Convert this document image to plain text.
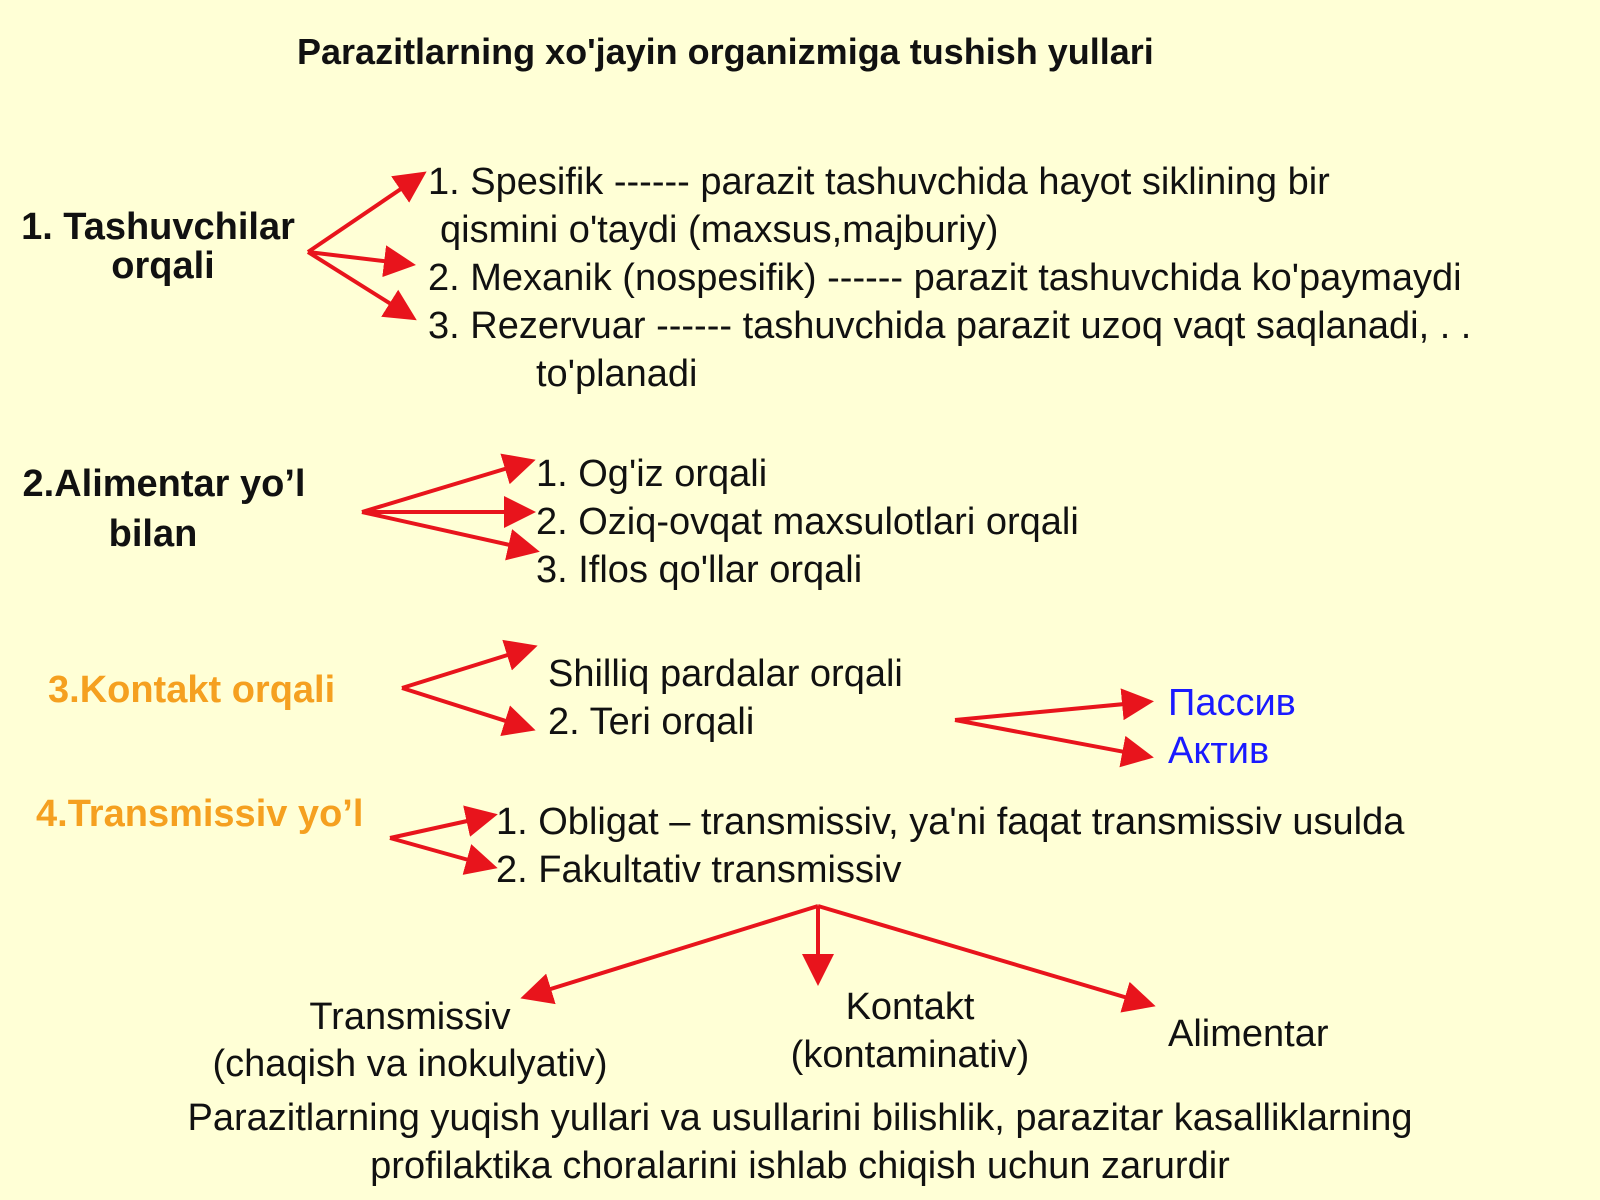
Parazitlarning xo'jayin organizmiga tushish yullari
1. Tashuvchilar
orqali
1. Spesifik ------ parazit tashuvchida hayot siklining bir
qismini o'taydi (maxsus,majburiy)
2. Mexanik (nospesifik) ------ parazit tashuvchida ko'paymaydi
3. Rezervuar ------ tashuvchida parazit uzoq vaqt saqlanadi, . .
to'planadi
2.Alimentar yo’l
bilan
1. Og'iz orqali
2. Oziq-ovqat maxsulotlari orqali
3. Iflos qo'llar orqali
3.Kontakt orqali	Shilliq pardalar orqali
2. Teri orqali	Пассив
Актив
4.Transmissiv yo’l	1. Obligat – transmissiv, ya'ni faqat transmissiv usulda
2. Fakultativ transmissiv
Transmissiv
(chaqish va inokulyativ)
Kontakt
(kontaminativ)	Alimentar
Parazitlarning yuqish yullari va usullarini bilishlik, parazitar kasalliklarning
profilaktika choralarini ishlab chiqish uchun zarurdir
